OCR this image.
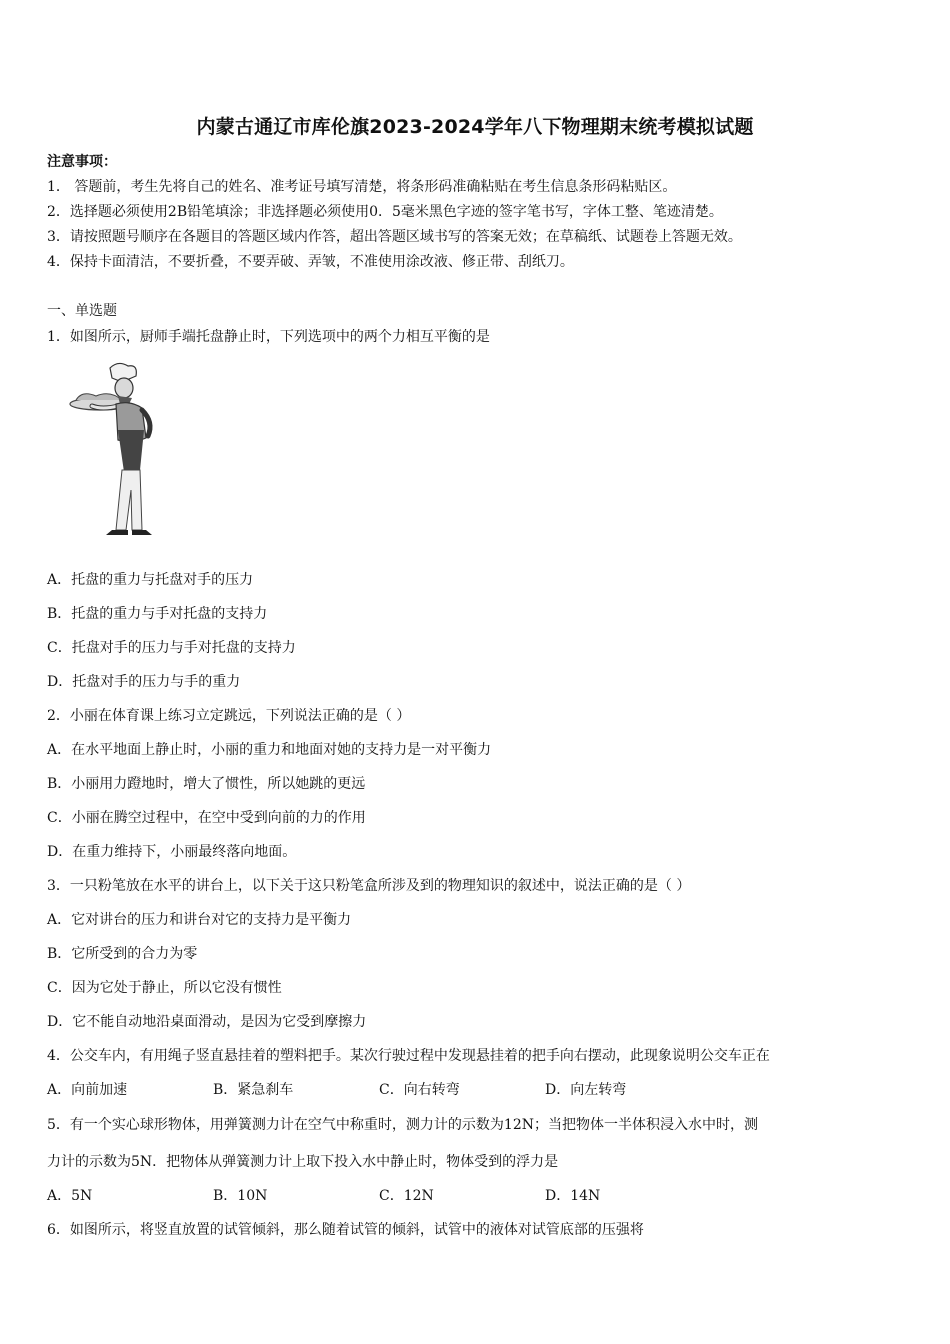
内蒙古通辽市库伦旗2023-2024学年八下物理期末统考模拟试题
注意事项：
1． 答题前，考生先将自己的姓名、准考证号填写清楚，将条形码准确粘贴在考生信息条形码粘贴区。
2．选择题必须使用2B铅笔填涂；非选择题必须使用0．5毫米黑色字迹的签字笔书写，字体工整、笔迹清楚。
3．请按照题号顺序在各题目的答题区域内作答，超出答题区域书写的答案无效；在草稿纸、试题卷上答题无效。
4．保持卡面清洁，不要折叠，不要弄破、弄皱，不准使用涂改液、修正带、刮纸刀。
一、单选题
1．如图所示，厨师手端托盘静止时，下列选项中的两个力相互平衡的是
A．托盘的重力与托盘对手的压力
B．托盘的重力与手对托盘的支持力
C．托盘对手的压力与手对托盘的支持力
D．托盘对手的压力与手的重力
2．小丽在体育课上练习立定跳远，下列说法正确的是（ ）
A．在水平地面上静止时，小丽的重力和地面对她的支持力是一对平衡力
B．小丽用力蹬地时，增大了惯性，所以她跳的更远
C．小丽在腾空过程中，在空中受到向前的力的作用
D．在重力维持下，小丽最终落向地面。
3．一只粉笔放在水平的讲台上，以下关于这只粉笔盒所涉及到的物理知识的叙述中，说法正确的是（ ）
A．它对讲台的压力和讲台对它的支持力是平衡力
B．它所受到的合力为零
C．因为它处于静止，所以它没有惯性
D．它不能自动地沿桌面滑动，是因为它受到摩擦力
4．公交车内，有用绳子竖直悬挂着的塑料把手。某次行驶过程中发现悬挂着的把手向右摆动，此现象说明公交车正在
A．向前加速	B．紧急刹车	C．向右转弯	D．向左转弯
5．有一个实心球形物体，用弹簧测力计在空气中称重时，测力计的示数为12N；当把物体一半体积浸入水中时，测
力计的示数为5N．把物体从弹簧测力计上取下投入水中静止时，物体受到的浮力是
A．5N	B．10N	C．12N	D．14N
6．如图所示，将竖直放置的试管倾斜，那么随着试管的倾斜，试管中的液体对试管底部的压强将
